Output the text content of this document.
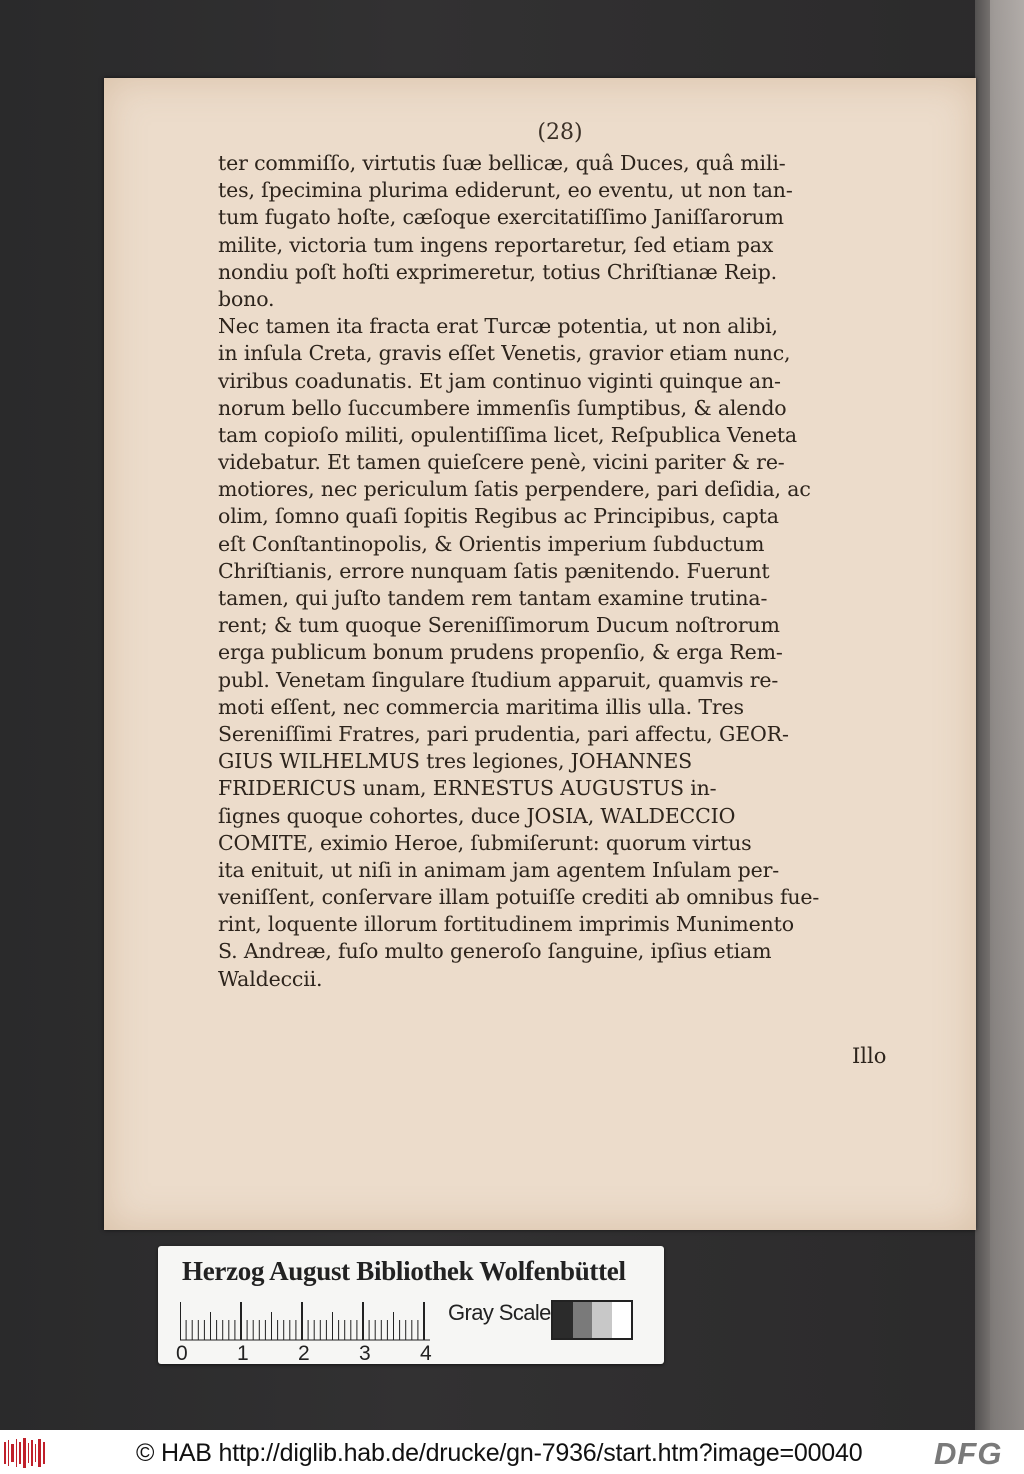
(28)
ter commiſſo, virtutis ſuæ bellicæ, quâ Duces, quâ mili-
tes, ſpecimina plurima ediderunt, eo eventu, ut non tan-
tum fugato hoſte, cæſoque exercitatiſſimo Janiſſarorum
milite, victoria tum ingens reportaretur, ſed etiam pax
nondiu poſt hoſti exprimeretur, totius Chriſtianæ Reip.
bono.
Nec tamen ita fracta erat Turcæ potentia, ut non alibi,
in inſula Creta, gravis eſſet Venetis, gravior etiam nunc,
viribus coadunatis. Et jam continuo viginti quinque an-
norum bello ſuccumbere immenſis ſumptibus, & alendo
tam copioſo militi, opulentiſſima licet, Reſpublica Veneta
videbatur. Et tamen quieſcere penè, vicini pariter & re-
motiores, nec periculum ſatis perpendere, pari deſidia, ac
olim, ſomno quaſi ſopitis Regibus ac Principibus, capta
eſt Conſtantinopolis, & Orientis imperium ſubductum
Chriſtianis, errore nunquam ſatis pænitendo. Fuerunt
tamen, qui juſto tandem rem tantam examine trutina-
rent; & tum quoque Sereniſſimorum Ducum noſtrorum
erga publicum bonum prudens propenſio, & erga Rem-
publ. Venetam ſingulare ſtudium apparuit, quamvis re-
moti eſſent, nec commercia maritima illis ulla. Tres
Sereniſſimi Fratres, pari prudentia, pari affectu, GEOR-
GIUS WILHELMUS tres legiones, JOHANNES
FRIDERICUS unam, ERNESTUS AUGUSTUS in-
ſignes quoque cohortes, duce JOSIA, WALDECCIO
COMITE, eximio Heroe, ſubmiſerunt: quorum virtus
ita enituit, ut niſi in animam jam agentem Inſulam per-
veniſſent, conſervare illam potuiſſe crediti ab omnibus fue-
rint, loquente illorum fortitudinem imprimis Munimento
S. Andreæ, fuſo multo generoſo ſanguine, ipſius etiam
Waldeccii.
Illo
Herzog August Bibliothek Wolfenbüttel
0 1 2 3 4
Gray Scale
© HAB http://diglib.hab.de/drucke/gn-7936/start.htm?image=00040 DFG
